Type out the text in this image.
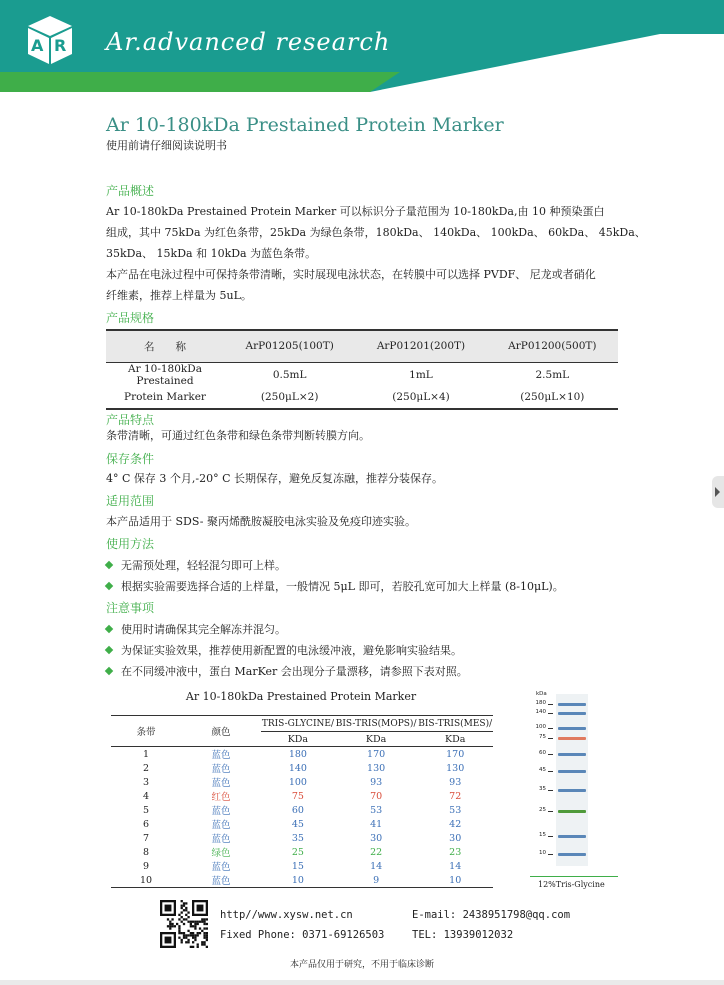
A R Ar.advanced research
Ar 10-180kDa Prestained Protein Marker
使用前请仔细阅读说明书
产品概述
Ar 10-180kDa Prestained Protein Marker 可以标识分子量范围为 10-180kDa,由 10 种预染蛋白
组成，其中 75kDa 为红色条带，25kDa 为绿色条带，180kDa、 140kDa、 100kDa、 60kDa、 45kDa、
35kDa、 15kDa 和 10kDa 为蓝色条带。
本产品在电泳过程中可保持条带清晰，实时展现电泳状态，在转膜中可以选择 PVDF、 尼龙或者硝化
纤维素，推荐上样量为 5uL。
产品规格
名　　称	ArP01205(100T)	ArP01201(200T)	ArP01200(500T)
Ar 10-180kDa Prestained	0.5mL	1mL	2.5mL
Protein Marker	(250μL×2)	(250μL×4)	(250μL×10)
产品特点
条带清晰，可通过红色条带和绿色条带判断转膜方向。
保存条件
4° C 保存 3 个月,-20° C 长期保存，避免反复冻融，推荐分装保存。
适用范围
本产品适用于 SDS- 聚丙烯酰胺凝胶电泳实验及免疫印迹实验。
使用方法
无需预处理，轻轻混匀即可上样。
根据实验需要选择合适的上样量，一般情况 5μL 即可，若胶孔宽可加大上样量 (8-10μL)。
注意事项
使用时请确保其完全解冻并混匀。
为保证实验效果，推荐使用新配置的电泳缓冲液，避免影响实验结果。
在不同缓冲液中，蛋白 MarKer 会出现分子量漂移，请参照下表对照。
Ar 10-180kDa Prestained Protein Marker
条带	颜色	TRIS-GLYCINE/	BIS-TRIS(MOPS)/	BIS-TRIS(MES)/
		KDa	KDa	KDa
1	蓝色	180	170	170
2	蓝色	140	130	130
3	蓝色	100	93	93
4	红色	75	70	72
5	蓝色	60	53	53
6	蓝色	45	41	42
7	蓝色	35	30	30
8	绿色	25	22	23
9	蓝色	15	14	14
10	蓝色	10	9	10
kDa
180
140
100
75
60
45
35
25
15
10
12%Tris-Glycine
http//www.xysw.net.cn
Fixed Phone: 0371-69126503
E-mail: 2438951798@qq.com
TEL: 13939012032
本产品仅用于研究，不用于临床诊断
